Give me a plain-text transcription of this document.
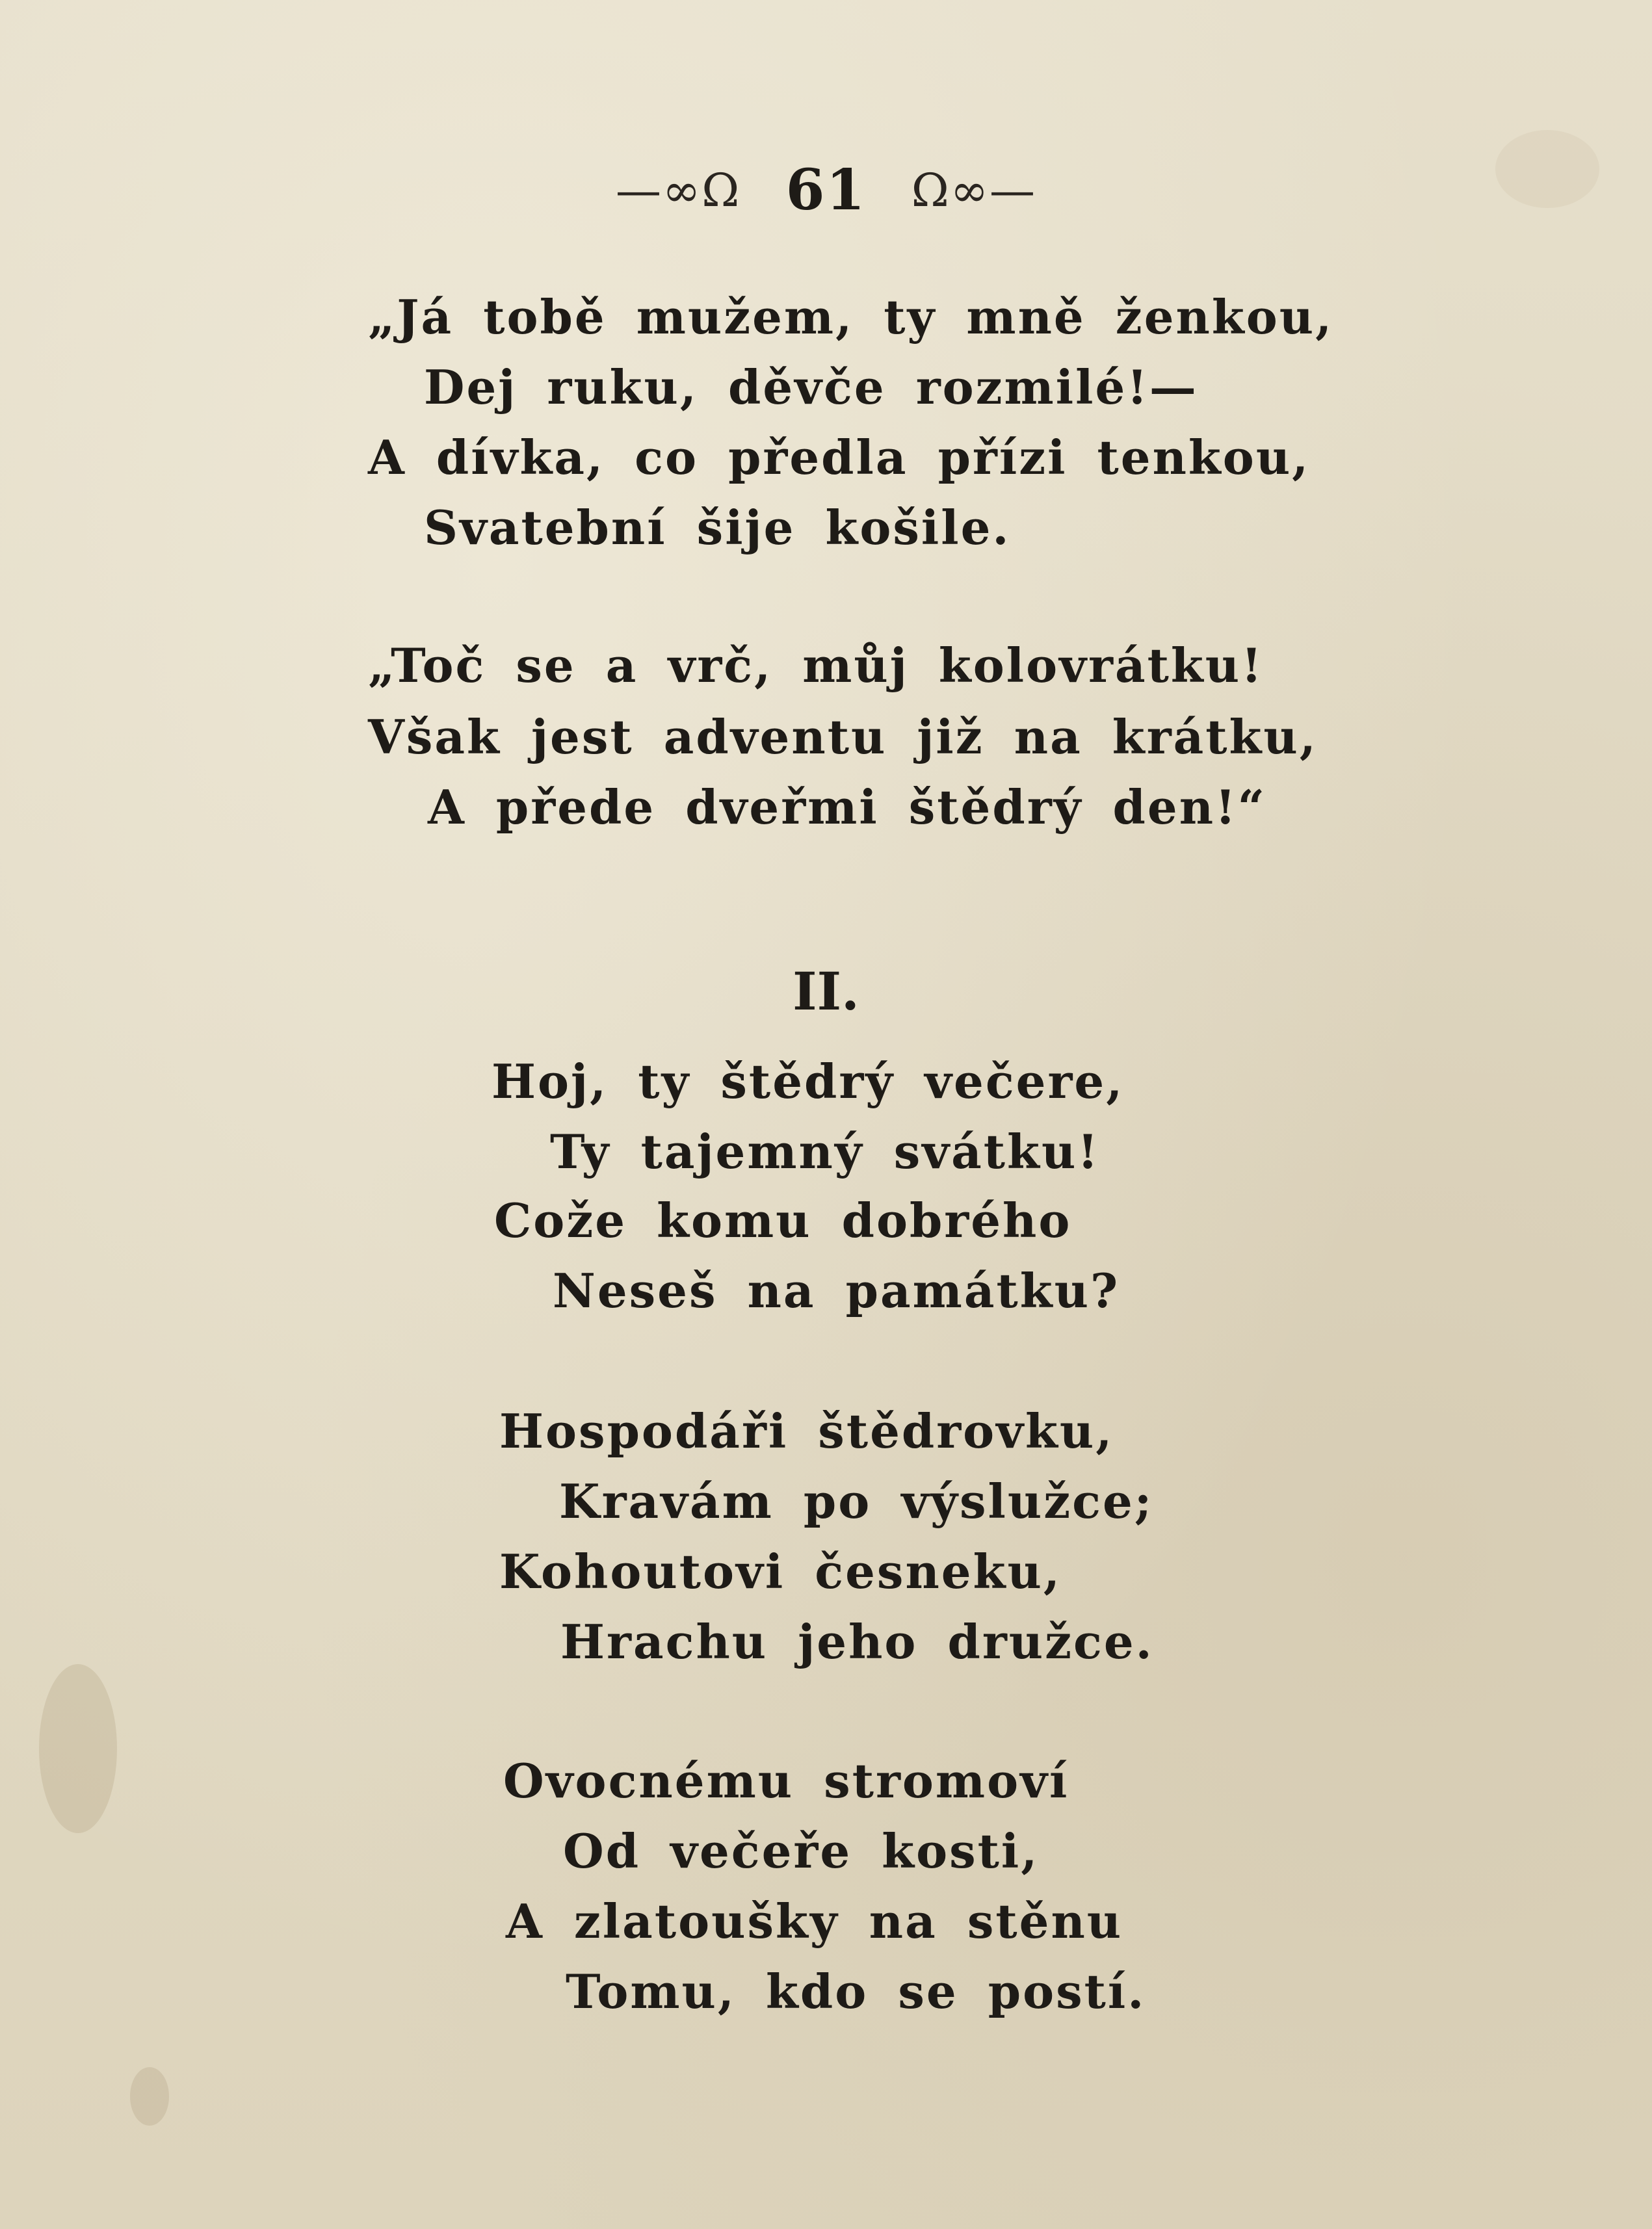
—∞Ω 61 Ω∞—
„Já tobě mužem, ty mně ženkou,
Dej ruku, děvče rozmilé!—
A dívka, co předla přízi tenkou,
Svatební šije košile.
„Toč se a vrč, můj kolovrátku!
Však jest adventu již na krátku,
A přede dveřmi štědrý den!“
II.
Hoj, ty štědrý večere,
Ty tajemný svátku!
Cože komu dobrého
Neseš na památku?
Hospodáři štědrovku,
Kravám po výslužce;
Kohoutovi česneku,
Hrachu jeho družce.
Ovocnému stromoví
Od večeře kosti,
A zlatoušky na stěnu
Tomu, kdo se postí.
